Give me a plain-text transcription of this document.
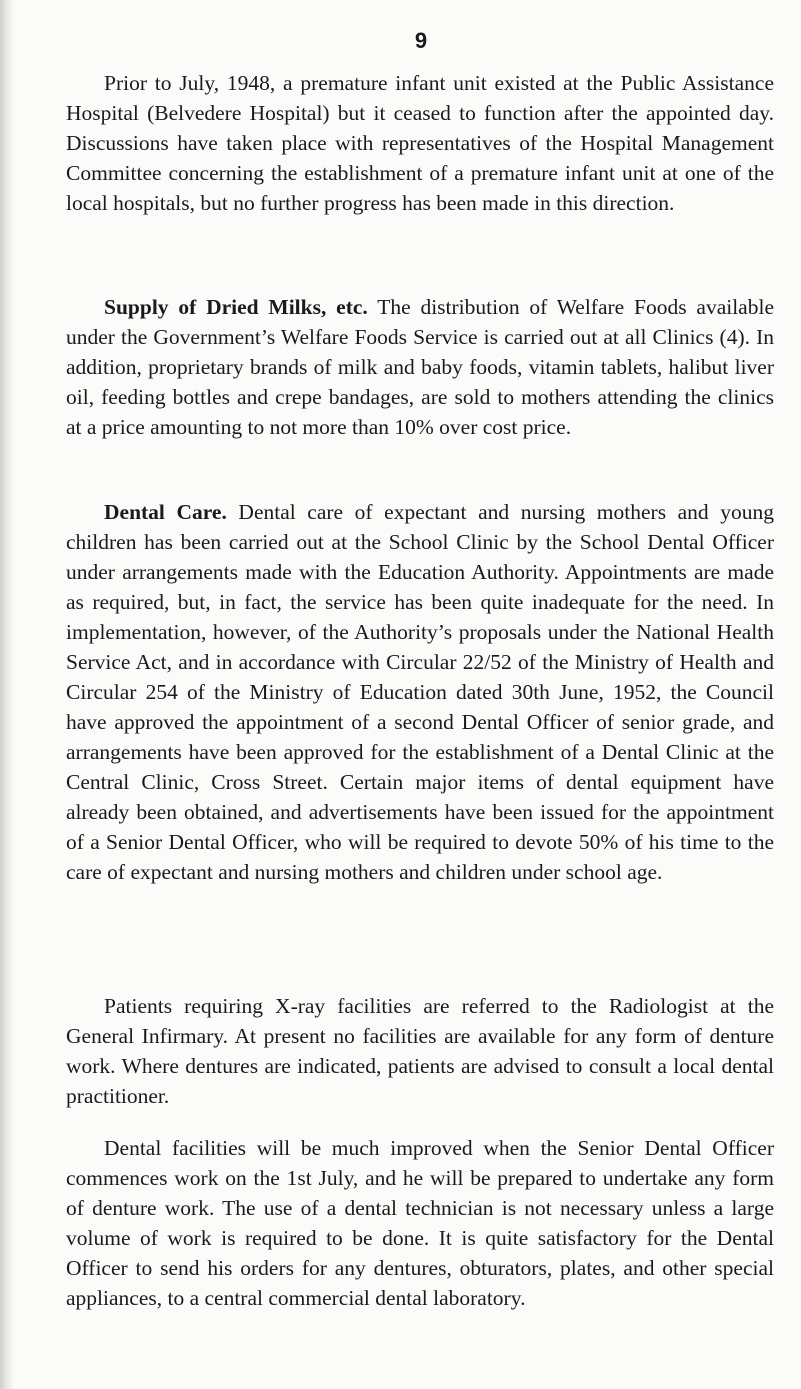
9

Prior to July, 1948, a premature infant unit existed at the Public Assistance Hospital (Belvedere Hospital) but it ceased to function after the appointed day. Discussions have taken place with representatives of the Hospital Management Committee concerning the establishment of a premature infant unit at one of the local hospitals, but no further progress has been made in this direction.

Supply of Dried Milks, etc. The distribution of Welfare Foods available under the Government’s Welfare Foods Service is carried out at all Clinics (4). In addition, proprietary brands of milk and baby foods, vitamin tablets, halibut liver oil, feeding bottles and crepe bandages, are sold to mothers attending the clinics at a price amounting to not more than 10% over cost price.

Dental Care. Dental care of expectant and nursing mothers and young children has been carried out at the School Clinic by the School Dental Officer under arrangements made with the Education Authority. Appointments are made as required, but, in fact, the service has been quite inadequate for the need. In implementation, however, of the Authority’s proposals under the National Health Service Act, and in accordance with Circular 22/52 of the Ministry of Health and Circular 254 of the Ministry of Education dated 30th June, 1952, the Council have approved the appointment of a second Dental Officer of senior grade, and arrangements have been approved for the establishment of a Dental Clinic at the Central Clinic, Cross Street. Certain major items of dental equipment have already been obtained, and advertisements have been issued for the appointment of a Senior Dental Officer, who will be required to devote 50% of his time to the care of expectant and nursing mothers and children under school age.

Patients requiring X-ray facilities are referred to the Radiologist at the General Infirmary. At present no facilities are available for any form of denture work. Where dentures are indicated, patients are advised to consult a local dental practitioner.

Dental facilities will be much improved when the Senior Dental Officer commences work on the 1st July, and he will be prepared to undertake any form of denture work. The use of a dental technician is not necessary unless a large volume of work is required to be done. It is quite satisfactory for the Dental Officer to send his orders for any dentures, obturators, plates, and other special appliances, to a central commercial dental laboratory.
